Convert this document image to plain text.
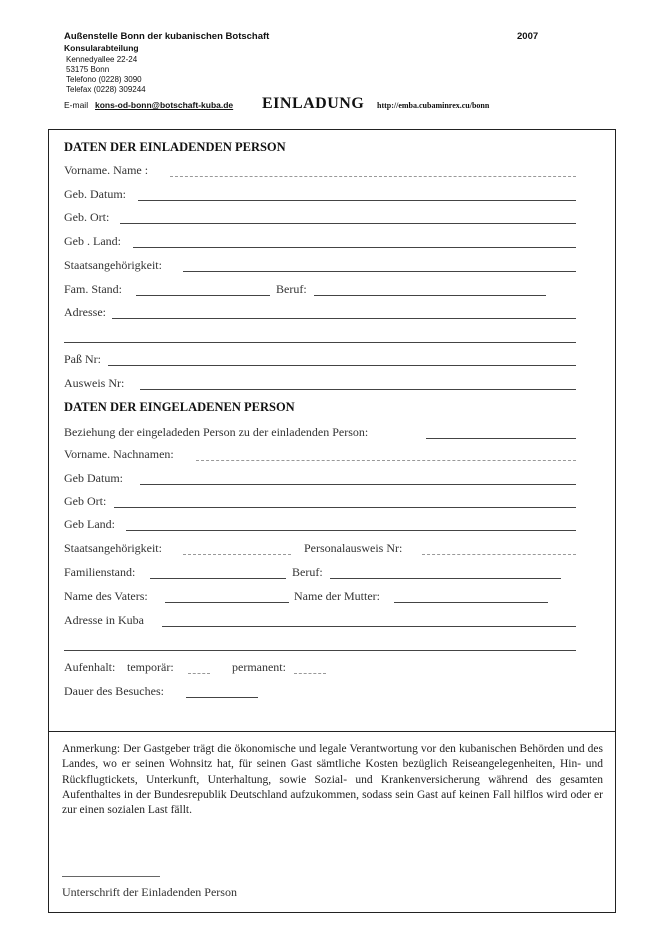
Außenstelle Bonn der kubanischen Botschaft	2007
Konsularabteilung
Kennedyallee 22-24
53175 Bonn
Telefono (0228) 3090
Telefax (0228) 309244
E-mail kons-od-bonn@botschaft-kuba.de EINLADUNG http://emba.cubaminrex.cu/bonn
DATEN DER EINLADENDEN PERSON
Vorname. Name :
Geb. Datum:
Geb. Ort:
Geb . Land:
Staatsangehörigkeit:
Fam. Stand:	Beruf:
Adresse:
Paß Nr:
Ausweis Nr:
DATEN DER EINGELADENEN PERSON
Beziehung der eingeladeden Person zu der einladenden Person:
Vorname. Nachnamen:
Geb Datum:
Geb Ort:
Geb Land:
Staatsangehörigkeit:	Personalausweis Nr:
Familienstand:	Beruf:
Name des Vaters:	Name der Mutter:
Adresse in Kuba
Aufenhalt: temporär:	permanent:
Dauer des Besuches:

Anmerkung: Der Gastgeber trägt die ökonomische und legale Verantwortung vor den kubanischen Behörden und des Landes, wo er seinen Wohnsitz hat, für seinen Gast sämtliche Kosten bezüglich Reiseangelegenheiten, Hin- und Rückflugtickets, Unterkunft, Unterhaltung, sowie Sozial- und Krankenversicherung während des gesamten Aufenthaltes in der Bundesrepublik Deutschland aufzukommen, sodass sein Gast auf keinen Fall hilflos wird oder er zur einen sozialen Last fällt.

Unterschrift der Einladenden Person
